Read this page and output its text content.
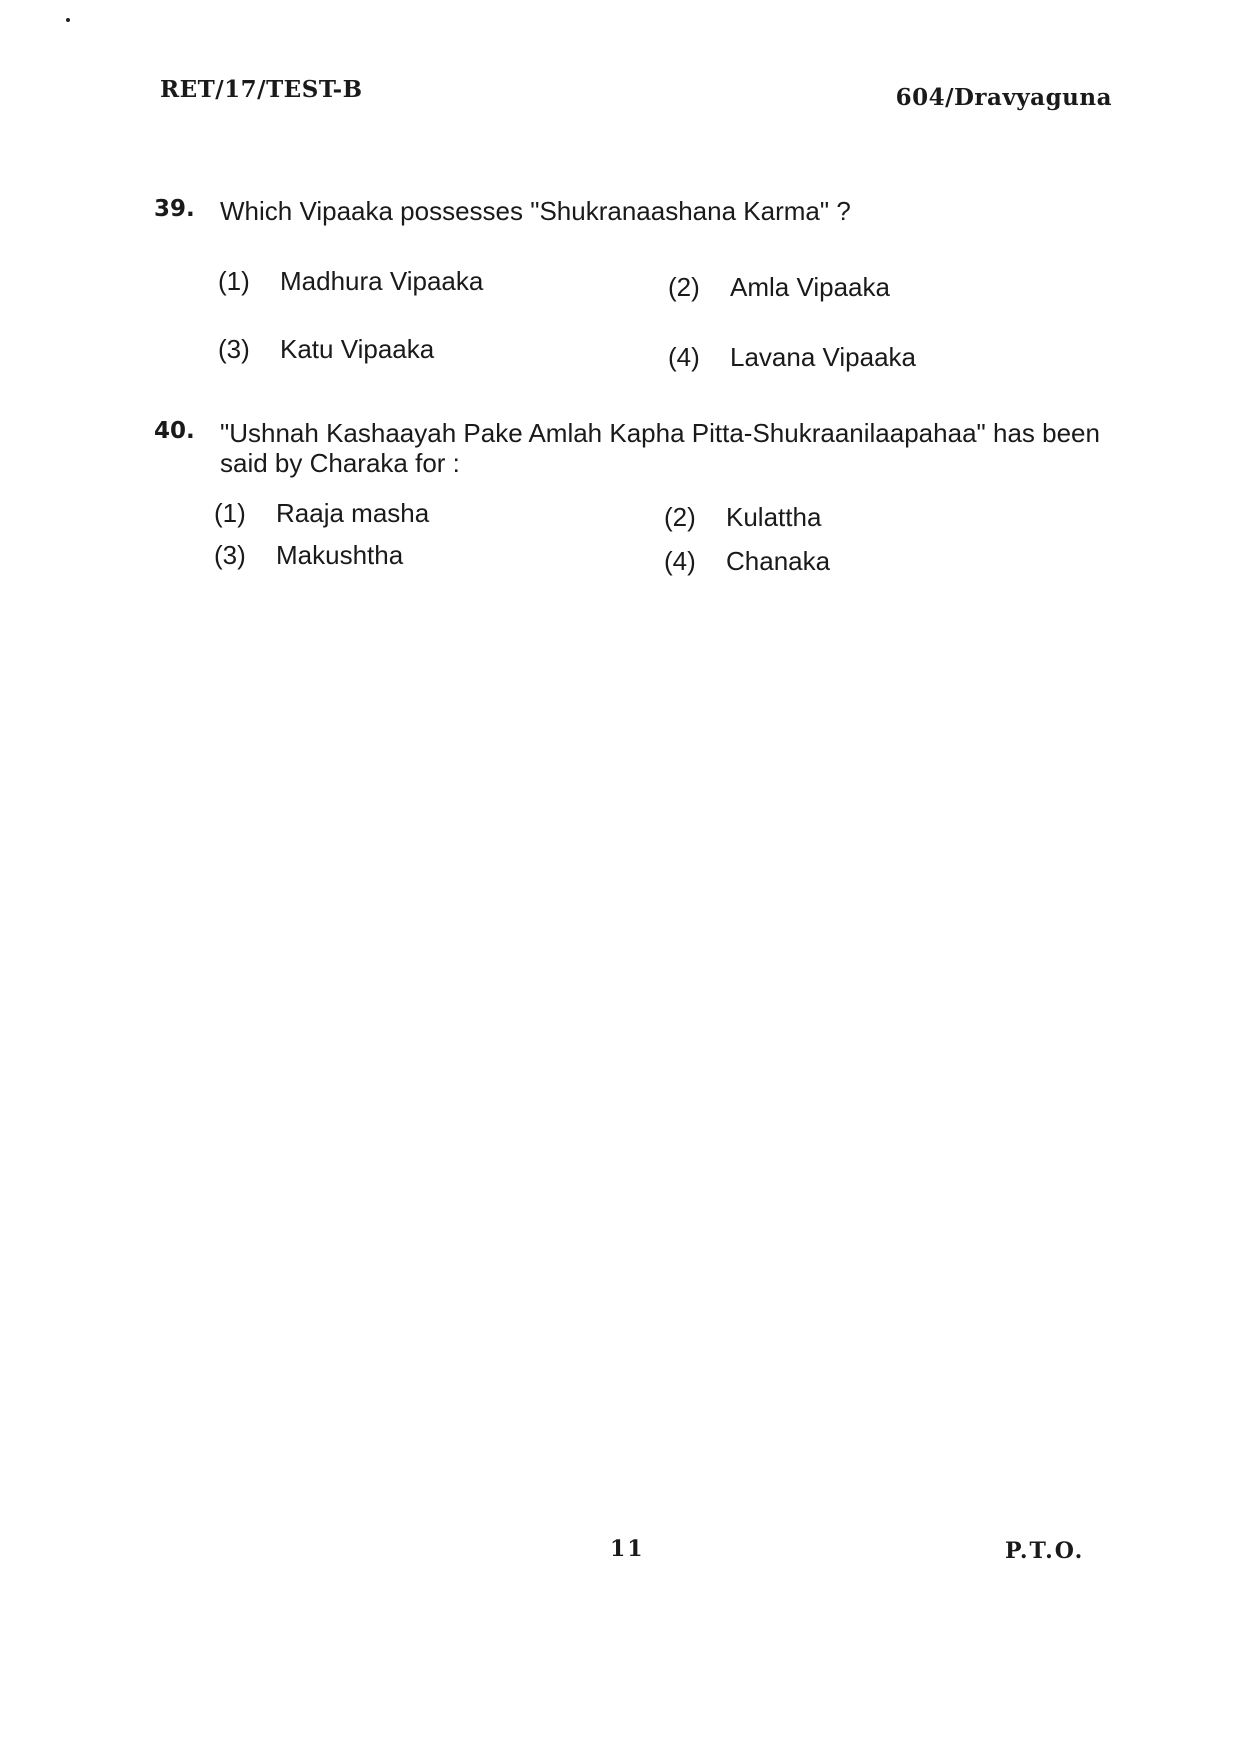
RET/17/TEST-B	604/Dravyaguna
39. Which Vipaaka possesses "Shukranaashana Karma" ?
(1) Madhura Vipaaka	(2) Amla Vipaaka
(3) Katu Vipaaka	(4) Lavana Vipaaka
40. "Ushnah Kashaayah Pake Amlah Kapha Pitta-Shukraanilaapahaa" has been said by Charaka for :
(1) Raaja masha	(2) Kulattha
(3) Makushtha	(4) Chanaka
11	P.T.O.
